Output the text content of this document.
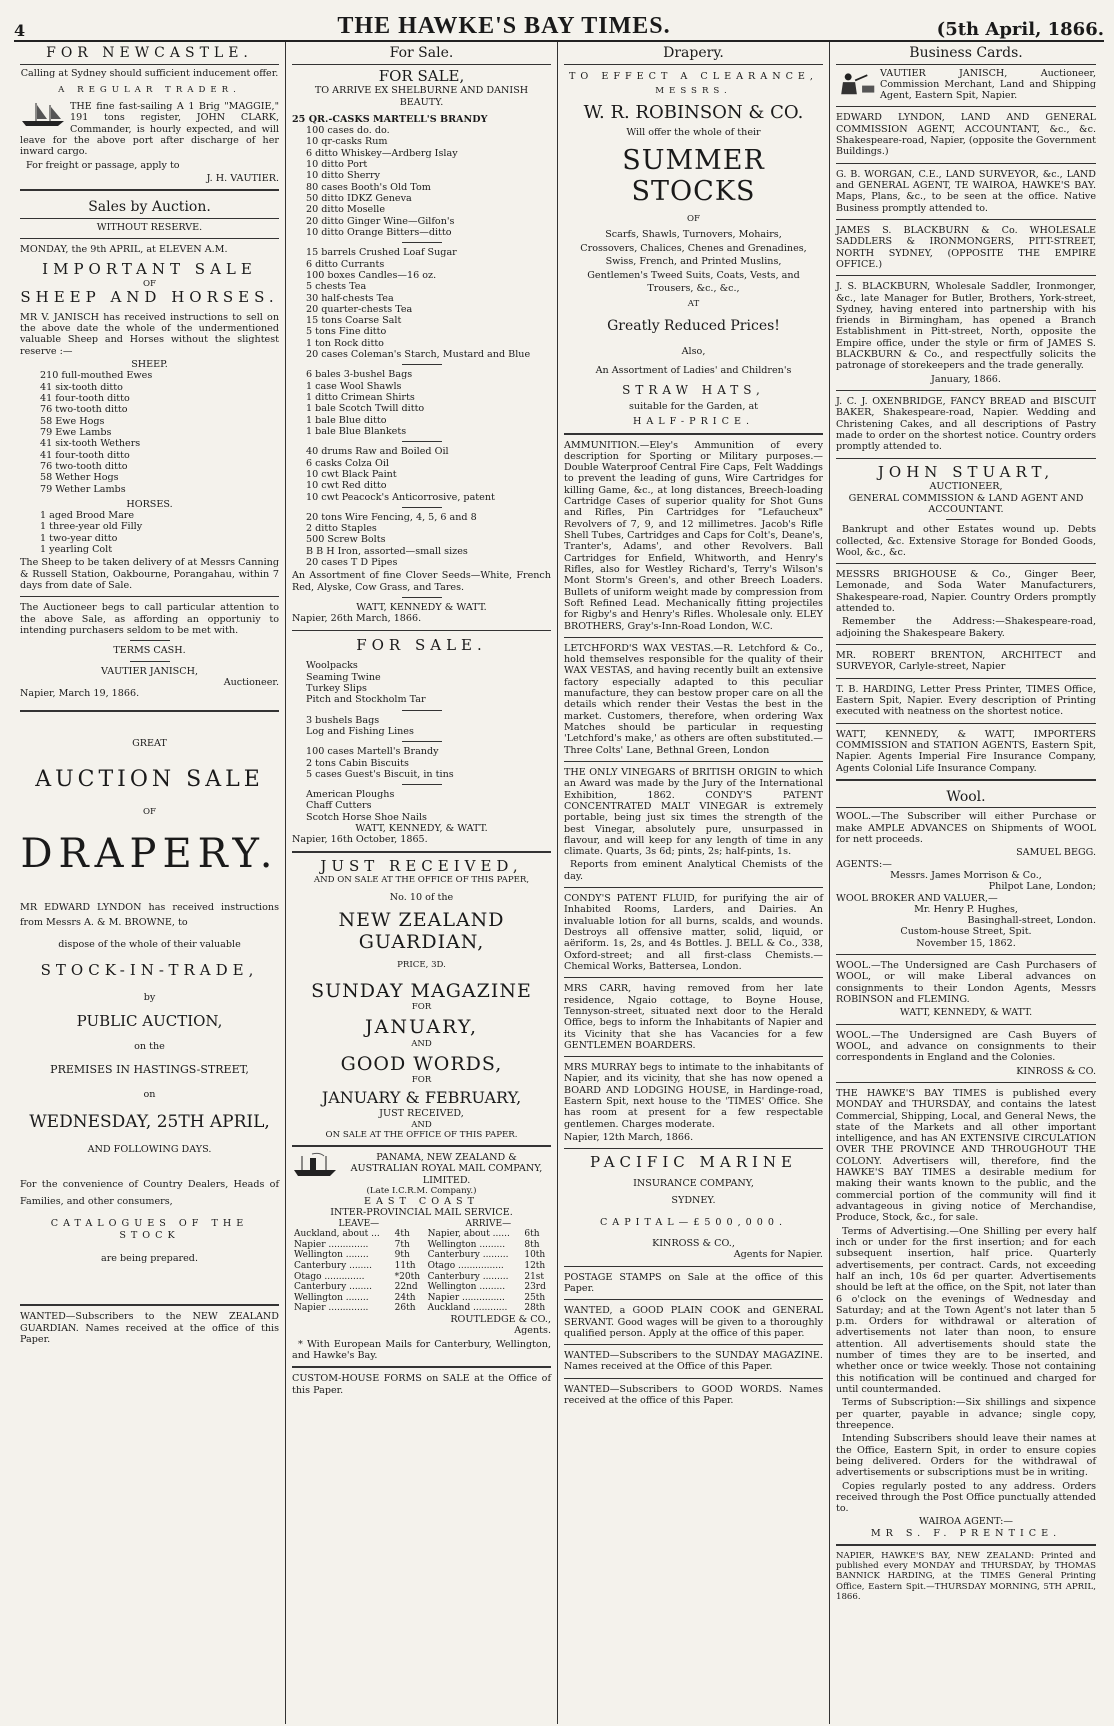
4	THE HAWKE'S BAY TIMES.	(5th April, 1866.
FOR NEWCASTLE.
Calling at Sydney should sufficient inducement offer.
A REGULAR TRADER.

THE fine fast-sailing A 1 Brig "MAGGIE," 191 tons register, JOHN CLARK, Commander, is hourly expected, and will leave for the above port after discharge of her inward cargo.

For freight or passage, apply to

J. H. VAUTIER.
Sales by Auction.
WITHOUT RESERVE.
MONDAY, the 9th APRIL, at ELEVEN A.M.
IMPORTANT SALE
OF
SHEEP AND HORSES.

MR V. JANISCH has received instructions to sell on the above date the whole of the undermentioned valuable Sheep and Horses without the slightest reserve :—

SHEEP.
210 full-mouthed Ewes
41 six-tooth ditto
41 four-tooth ditto
76 two-tooth ditto
58 Ewe Hogs
79 Ewe Lambs
41 six-tooth Wethers
41 four-tooth ditto
76 two-tooth ditto
58 Wether Hogs
79 Wether Lambs
HORSES.
1 aged Brood Mare
1 three-year old Filly
1 two-year ditto
1 yearling Colt

The Sheep to be taken delivery of at Messrs Canning & Russell Station, Oakbourne, Porangahau, within 7 days from date of Sale.

The Auctioneer begs to call particular attention to the above Sale, as affording an opportuniy to intending purchasers seldom to be met with.

TERMS CASH.
VAUTIER JANISCH,
Auctioneer.
Napier, March 19, 1866.
GREAT
AUCTION SALE
OF
DRAPERY.

MR EDWARD LYNDON has received instructions from Messrs A. & M. BROWNE, to

dispose of the whole of their valuable
STOCK-IN-TRADE,
by
PUBLIC AUCTION,
on the
PREMISES IN HASTINGS-STREET,
on
WEDNESDAY, 25TH APRIL,
AND FOLLOWING DAYS.

For the convenience of Country Dealers, Heads of Families, and other consumers,

CATALOGUES OF THE STOCK
are being prepared.

WANTED—Subscribers to the NEW ZEALAND GUARDIAN. Names received at the office of this Paper.

For Sale.
FOR SALE,
TO ARRIVE EX SHELBURNE AND DANISH BEAUTY.
25 QR.-CASKS MARTELL'S BRANDY
100 cases do. do.
10 qr-casks Rum
6 ditto Whiskey—Ardberg Islay
10 ditto Port
10 ditto Sherry
80 cases Booth's Old Tom
50 ditto IDKZ Geneva
20 ditto Moselle
20 ditto Ginger Wine—Gilfon's
10 ditto Orange Bitters—ditto
15 barrels Crushed Loaf Sugar
6 ditto Currants
100 boxes Candles—16 oz.
5 chests Tea
30 half-chests Tea
20 quarter-chests Tea
15 tons Coarse Salt
5 tons Fine ditto
1 ton Rock ditto
20 cases Coleman's Starch, Mustard and Blue
6 bales 3-bushel Bags
1 case Wool Shawls
1 ditto Crimean Shirts
1 bale Scotch Twill ditto
1 bale Blue ditto
1 bale Blue Blankets
40 drums Raw and Boiled Oil
6 casks Colza Oil
10 cwt Black Paint
10 cwt Red ditto
10 cwt Peacock's Anticorrosive, patent
20 tons Wire Fencing, 4, 5, 6 and 8
2 ditto Staples
500 Screw Bolts
B B H Iron, assorted—small sizes
20 cases T D Pipes

An Assortment of fine Clover Seeds—White, French Red, Alyske, Cow Grass, and Tares.

WATT, KENNEDY & WATT.
Napier, 26th March, 1866.
FOR SALE.
Woolpacks
Seaming Twine
Turkey Slips
Pitch and Stockholm Tar
3 bushels Bags
Log and Fishing Lines
100 cases Martell's Brandy
2 tons Cabin Biscuits
5 cases Guest's Biscuit, in tins
American Ploughs
Chaff Cutters
Scotch Horse Shoe Nails
WATT, KENNEDY, & WATT.
Napier, 16th October, 1865.
JUST RECEIVED,
AND ON SALE AT THE OFFICE OF THIS PAPER,
No. 10 of the
NEW ZEALAND GUARDIAN,
PRICE, 3D.
SUNDAY MAGAZINE
FOR
JANUARY,
AND
GOOD WORDS,
FOR
JANUARY & FEBRUARY,
JUST RECEIVED,
AND
ON SALE AT THE OFFICE OF THIS PAPER.
PANAMA, NEW ZEALAND & AUSTRALIAN ROYAL MAIL COMPANY, LIMITED.
(Late I.C.R.M. Company.)
EAST COAST
INTER-PROVINCIAL MAIL SERVICE.
LEAVE—		ARRIVE—	
Auckland, about ...	4th	Napier, about ......	6th
Napier ..............	7th	Wellington .........	8th
Wellington ........	9th	Canterbury .........	10th
Canterbury ........	11th	Otago ................	12th
Otago ..............	*20th	Canterbury .........	21st
Canterbury ........	22nd	Wellington .........	23rd
Wellington ........	24th	Napier ...............	25th
Napier ..............	26th	Auckland ............	28th
ROUTLEDGE & CO.,
Agents.

* With European Mails for Canterbury, Wellington, and Hawke's Bay.

CUSTOM-HOUSE FORMS on SALE at the Office of this Paper.

Drapery.
TO EFFECT A CLEARANCE,
MESSRS.
W. R. ROBINSON & CO.
Will offer the whole of their
SUMMER STOCKS
OF
Scarfs, Shawls, Turnovers, Mohairs, Crossovers, Chalices, Chenes and Grenadines, Swiss, French, and Printed Muslins, Gentlemen's Tweed Suits, Coats, Vests, and Trousers, &c., &c.,
AT
Greatly Reduced Prices!
Also,
An Assortment of Ladies' and Children's
STRAW HATS,
suitable for the Garden, at
HALF-PRICE.

AMMUNITION.—Eley's Ammunition of every description for Sporting or Military purposes.—Double Waterproof Central Fire Caps, Felt Waddings to prevent the leading of guns, Wire Cartridges for killing Game, &c., at long distances, Breech-loading Cartridge Cases of superior quality for Shot Guns and Rifles, Pin Cartridges for "Lefaucheux" Revolvers of 7, 9, and 12 millimetres. Jacob's Rifle Shell Tubes, Cartridges and Caps for Colt's, Deane's, Tranter's, Adams', and other Revolvers. Ball Cartridges for Enfield, Whitworth, and Henry's Rifles, also for Westley Richard's, Terry's Wilson's Mont Storm's Green's, and other Breech Loaders. Bullets of uniform weight made by compression from Soft Refined Lead. Mechanically fitting projectiles for Rigby's and Henry's Rifles. Wholesale only. ELEY BROTHERS, Gray's-Inn-Road London, W.C.

LETCHFORD'S WAX VESTAS.—R. Letchford & Co., hold themselves responsible for the quality of their WAX VESTAS, and having recently built an extensive factory especially adapted to this peculiar manufacture, they can bestow proper care on all the details which render their Vestas the best in the market. Customers, therefore, when ordering Wax Matches should be particular in requesting 'Letchford's make,' as others are often substituted.—Three Colts' Lane, Bethnal Green, London

THE ONLY VINEGARS of BRITISH ORIGIN to which an Award was made by the Jury of the International Exhibition, 1862. CONDY'S PATENT CONCENTRATED MALT VINEGAR is extremely portable, being just six times the strength of the best Vinegar, absolutely pure, unsurpassed in flavour, and will keep for any length of time in any climate. Quarts, 3s 6d; pints, 2s; half-pints, 1s.

Reports from eminent Analytical Chemists of the day.

CONDY'S PATENT FLUID, for purifying the air of Inhabited Rooms, Larders, and Dairies. An invaluable lotion for all burns, scalds, and wounds. Destroys all offensive matter, solid, liquid, or aëriform. 1s, 2s, and 4s Bottles. J. BELL & Co., 338, Oxford-street; and all first-class Chemists.—Chemical Works, Battersea, London.

MRS CARR, having removed from her late residence, Ngaio cottage, to Boyne House, Tennyson-street, situated next door to the Herald Office, begs to inform the Inhabitants of Napier and its Vicinity that she has Vacancies for a few GENTLEMEN BOARDERS.

MRS MURRAY begs to intimate to the inhabitants of Napier, and its vicinity, that she has now opened a BOARD AND LODGING HOUSE, in Hardinge-road, Eastern Spit, next house to the 'TIMES' Office. She has room at present for a few respectable gentlemen. Charges moderate.

Napier, 12th March, 1866.
PACIFIC MARINE
INSURANCE COMPANY,
SYDNEY.
CAPITAL—£500,000.
KINROSS & CO.,
Agents for Napier.

POSTAGE STAMPS on Sale at the office of this Paper.

WANTED, a GOOD PLAIN COOK and GENERAL SERVANT. Good wages will be given to a thoroughly qualified person. Apply at the office of this paper.

WANTED—Subscribers to the SUNDAY MAGAZINE. Names received at the Office of this Paper.

WANTED—Subscribers to GOOD WORDS. Names received at the office of this Paper.

Business Cards.

VAUTIER JANISCH, Auctioneer, Commission Merchant, Land and Shipping Agent, Eastern Spit, Napier.

EDWARD LYNDON, LAND AND GENERAL COMMISSION AGENT, ACCOUNTANT, &c., &c. Shakespeare-road, Napier, (opposite the Government Buildings.)

G. B. WORGAN, C.E., LAND SURVEYOR, &c., LAND and GENERAL AGENT, TE WAIROA, HAWKE'S BAY. Maps, Plans, &c., to be seen at the office. Native Business promptly attended to.

JAMES S. BLACKBURN & Co. WHOLESALE SADDLERS & IRONMONGERS, PITT-STREET, NORTH SYDNEY, (OPPOSITE THE EMPIRE OFFICE.)

J. S. BLACKBURN, Wholesale Saddler, Ironmonger, &c., late Manager for Butler, Brothers, York-street, Sydney, having entered into partnership with his friends in Birmingham, has opened a Branch Establishment in Pitt-street, North, opposite the Empire office, under the style or firm of JAMES S. BLACKBURN & Co., and respectfully solicits the patronage of storekeepers and the trade generally.

January, 1866.

J. C. J. OXENBRIDGE, FANCY BREAD and BISCUIT BAKER, Shakespeare-road, Napier. Wedding and Christening Cakes, and all descriptions of Pastry made to order on the shortest notice. Country orders promptly attended to.

JOHN STUART,
AUCTIONEER,
GENERAL COMMISSION & LAND AGENT AND ACCOUNTANT.

Bankrupt and other Estates wound up. Debts collected, &c. Extensive Storage for Bonded Goods, Wool, &c., &c.

MESSRS BRIGHOUSE & Co., Ginger Beer, Lemonade, and Soda Water Manufacturers, Shakespeare-road, Napier. Country Orders promptly attended to.

Remember the Address:—Shakespeare-road, adjoining the Shakespeare Bakery.

MR. ROBERT BRENTON, ARCHITECT and SURVEYOR, Carlyle-street, Napier

T. B. HARDING, Letter Press Printer, TIMES Office, Eastern Spit, Napier. Every description of Printing executed with neatness on the shortest notice.

WATT, KENNEDY, & WATT, IMPORTERS COMMISSION and STATION AGENTS, Eastern Spit, Napier. Agents Imperial Fire Insurance Company, Agents Colonial Life Insurance Company.

Wool.

WOOL.—The Subscriber will either Purchase or make AMPLE ADVANCES on Shipments of WOOL for nett proceeds.

SAMUEL BEGG.
AGENTS:—
Messrs. James Morrison & Co.,
Philpot Lane, London;
WOOL BROKER AND VALUER,—
Mr. Henry P. Hughes,
Basinghall-street, London.
Custom-house Street, Spit.
November 15, 1862.

WOOL.—The Undersigned are Cash Purchasers of WOOL, or will make Liberal advances on consignments to their London Agents, Messrs ROBINSON and FLEMING.

WATT, KENNEDY, & WATT.

WOOL.—The Undersigned are Cash Buyers of WOOL, and advance on consignments to their correspondents in England and the Colonies.

KINROSS & CO.

THE HAWKE'S BAY TIMES is published every MONDAY and THURSDAY, and contains the latest Commercial, Shipping, Local, and General News, the state of the Markets and all other important intelligence, and has AN EXTENSIVE CIRCULATION OVER THE PROVINCE AND THROUGHOUT THE COLONY. Advertisers will, therefore, find the HAWKE'S BAY TIMES a desirable medium for making their wants known to the public, and the commercial portion of the community will find it advantageous in giving notice of Merchandise, Produce, Stock, &c., for sale.

Terms of Advertising.—One Shilling per every half inch or under for the first insertion; and for each subsequent insertion, half price. Quarterly advertisements, per contract. Cards, not exceeding half an inch, 10s 6d per quarter. Advertisements should be left at the office, on the Spit, not later than 6 o'clock on the evenings of Wednesday and Saturday; and at the Town Agent's not later than 5 p.m. Orders for withdrawal or alteration of advertisements not later than noon, to ensure attention. All advertisements should state the number of times they are to be inserted, and whether once or twice weekly. Those not containing this notification will be continued and charged for until countermanded.

Terms of Subscription:—Six shillings and sixpence per quarter, payable in advance; single copy, threepence.

Intending Subscribers should leave their names at the Office, Eastern Spit, in order to ensure copies being delivered. Orders for the withdrawal of advertisements or subscriptions must be in writing.

Copies regularly posted to any address. Orders received through the Post Office punctually attended to.

WAIROA AGENT:—
MR S. F. PRENTICE.

NAPIER, HAWKE'S BAY, NEW ZEALAND: Printed and published every MONDAY and THURSDAY, by THOMAS BANNICK HARDING, at the TIMES General Printing Office, Eastern Spit.—THURSDAY MORNING, 5TH APRIL, 1866.
